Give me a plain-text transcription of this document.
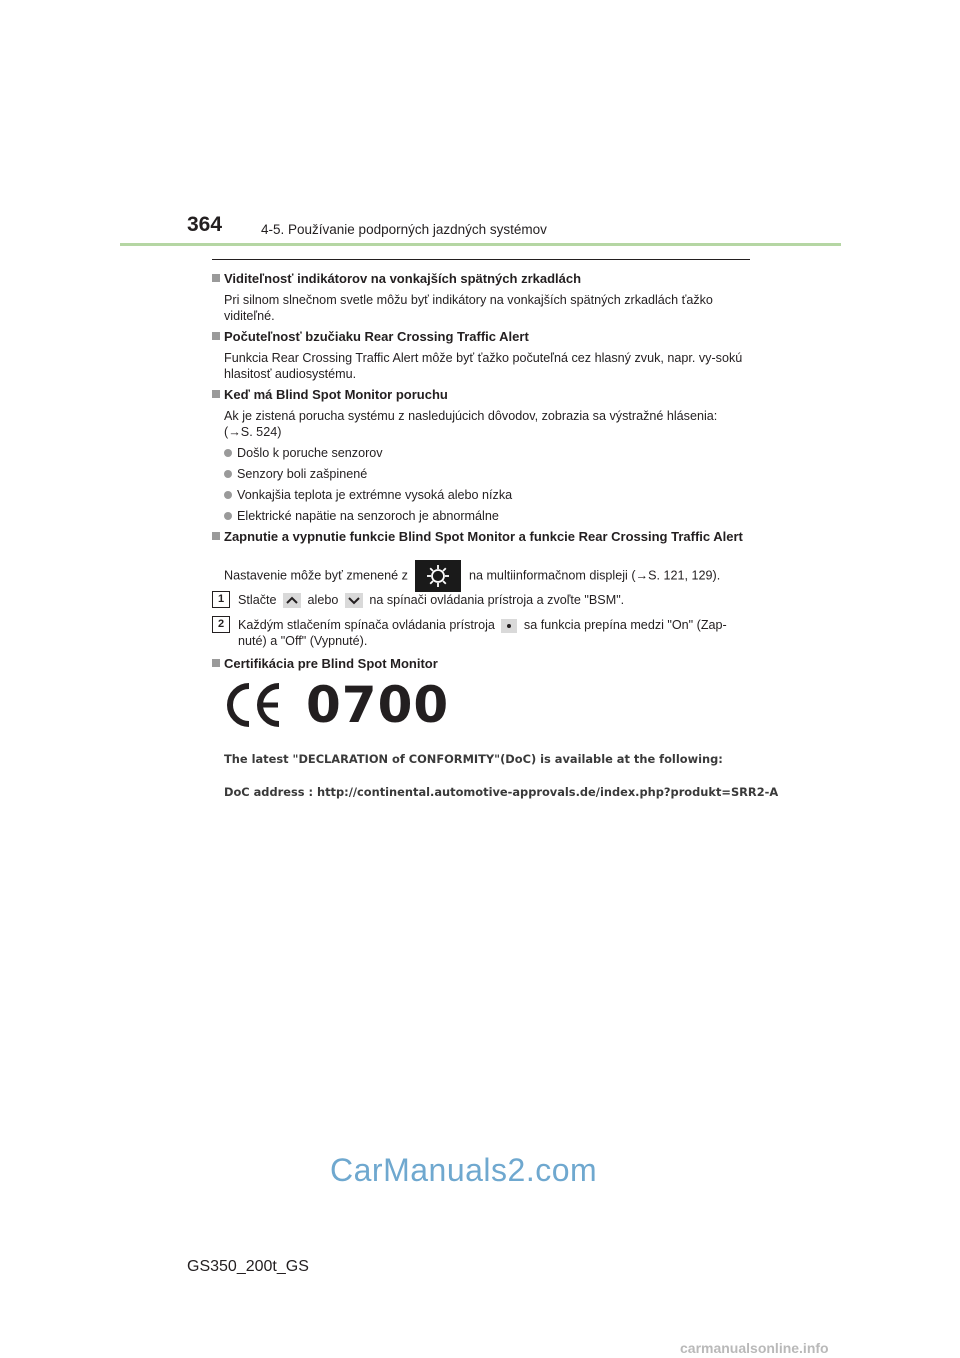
364	4-5. Používanie podporných jazdných systémov
Viditeľnosť indikátorov na vonkajších spätných zrkadlách
Pri silnom slnečnom svetle môžu byť indikátory na vonkajších spätných zrkadlách ťažko viditeľné.
Počuteľnosť bzučiaku Rear Crossing Traffic Alert
Funkcia Rear Crossing Traffic Alert môže byť ťažko počuteľná cez hlasný zvuk, napr. vy-sokú hlasitosť audiosystému.
Keď má Blind Spot Monitor poruchu
Ak je zistená porucha systému z nasledujúcich dôvodov, zobrazia sa výstražné hlásenia: (→S. 524)
Došlo k poruche senzorov
Senzory boli zašpinené
Vonkajšia teplota je extrémne vysoká alebo nízka
Elektrické napätie na senzoroch je abnormálne
Zapnutie a vypnutie funkcie Blind Spot Monitor a funkcie Rear Crossing Traffic Alert
Nastavenie môže byť zmenené z	na multiinformačnom displeji (→S. 121, 129).
1	Stlačte alebo na spínači ovládania prístroja a zvoľte "BSM".
2	Každým stlačením spínača ovládania prístroja sa funkcia prepína medzi "On" (Zap-nuté) a "Off" (Vypnuté).
Certifikácia pre Blind Spot Monitor
0700
The latest "DECLARATION of CONFORMITY"(DoC) is available at the following:
DoC address : http://continental.automotive-approvals.de/index.php?produkt=SRR2-A
CarManuals2.com
GS350_200t_GS
carmanualsonline.info
